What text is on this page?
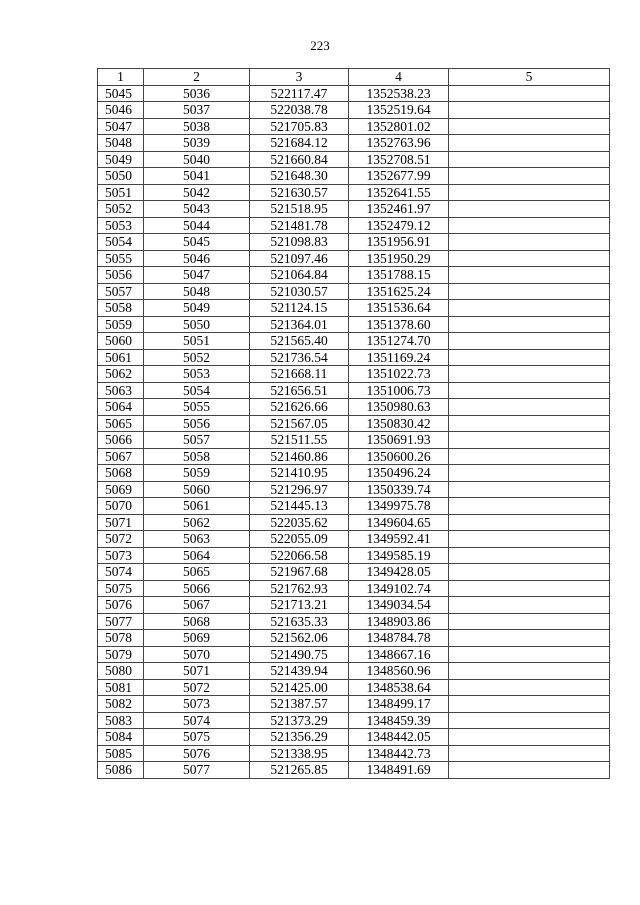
223
1	2	3	4	5
5045	5036	522117.47	1352538.23	
5046	5037	522038.78	1352519.64	
5047	5038	521705.83	1352801.02	
5048	5039	521684.12	1352763.96	
5049	5040	521660.84	1352708.51	
5050	5041	521648.30	1352677.99	
5051	5042	521630.57	1352641.55	
5052	5043	521518.95	1352461.97	
5053	5044	521481.78	1352479.12	
5054	5045	521098.83	1351956.91	
5055	5046	521097.46	1351950.29	
5056	5047	521064.84	1351788.15	
5057	5048	521030.57	1351625.24	
5058	5049	521124.15	1351536.64	
5059	5050	521364.01	1351378.60	
5060	5051	521565.40	1351274.70	
5061	5052	521736.54	1351169.24	
5062	5053	521668.11	1351022.73	
5063	5054	521656.51	1351006.73	
5064	5055	521626.66	1350980.63	
5065	5056	521567.05	1350830.42	
5066	5057	521511.55	1350691.93	
5067	5058	521460.86	1350600.26	
5068	5059	521410.95	1350496.24	
5069	5060	521296.97	1350339.74	
5070	5061	521445.13	1349975.78	
5071	5062	522035.62	1349604.65	
5072	5063	522055.09	1349592.41	
5073	5064	522066.58	1349585.19	
5074	5065	521967.68	1349428.05	
5075	5066	521762.93	1349102.74	
5076	5067	521713.21	1349034.54	
5077	5068	521635.33	1348903.86	
5078	5069	521562.06	1348784.78	
5079	5070	521490.75	1348667.16	
5080	5071	521439.94	1348560.96	
5081	5072	521425.00	1348538.64	
5082	5073	521387.57	1348499.17	
5083	5074	521373.29	1348459.39	
5084	5075	521356.29	1348442.05	
5085	5076	521338.95	1348442.73	
5086	5077	521265.85	1348491.69	
